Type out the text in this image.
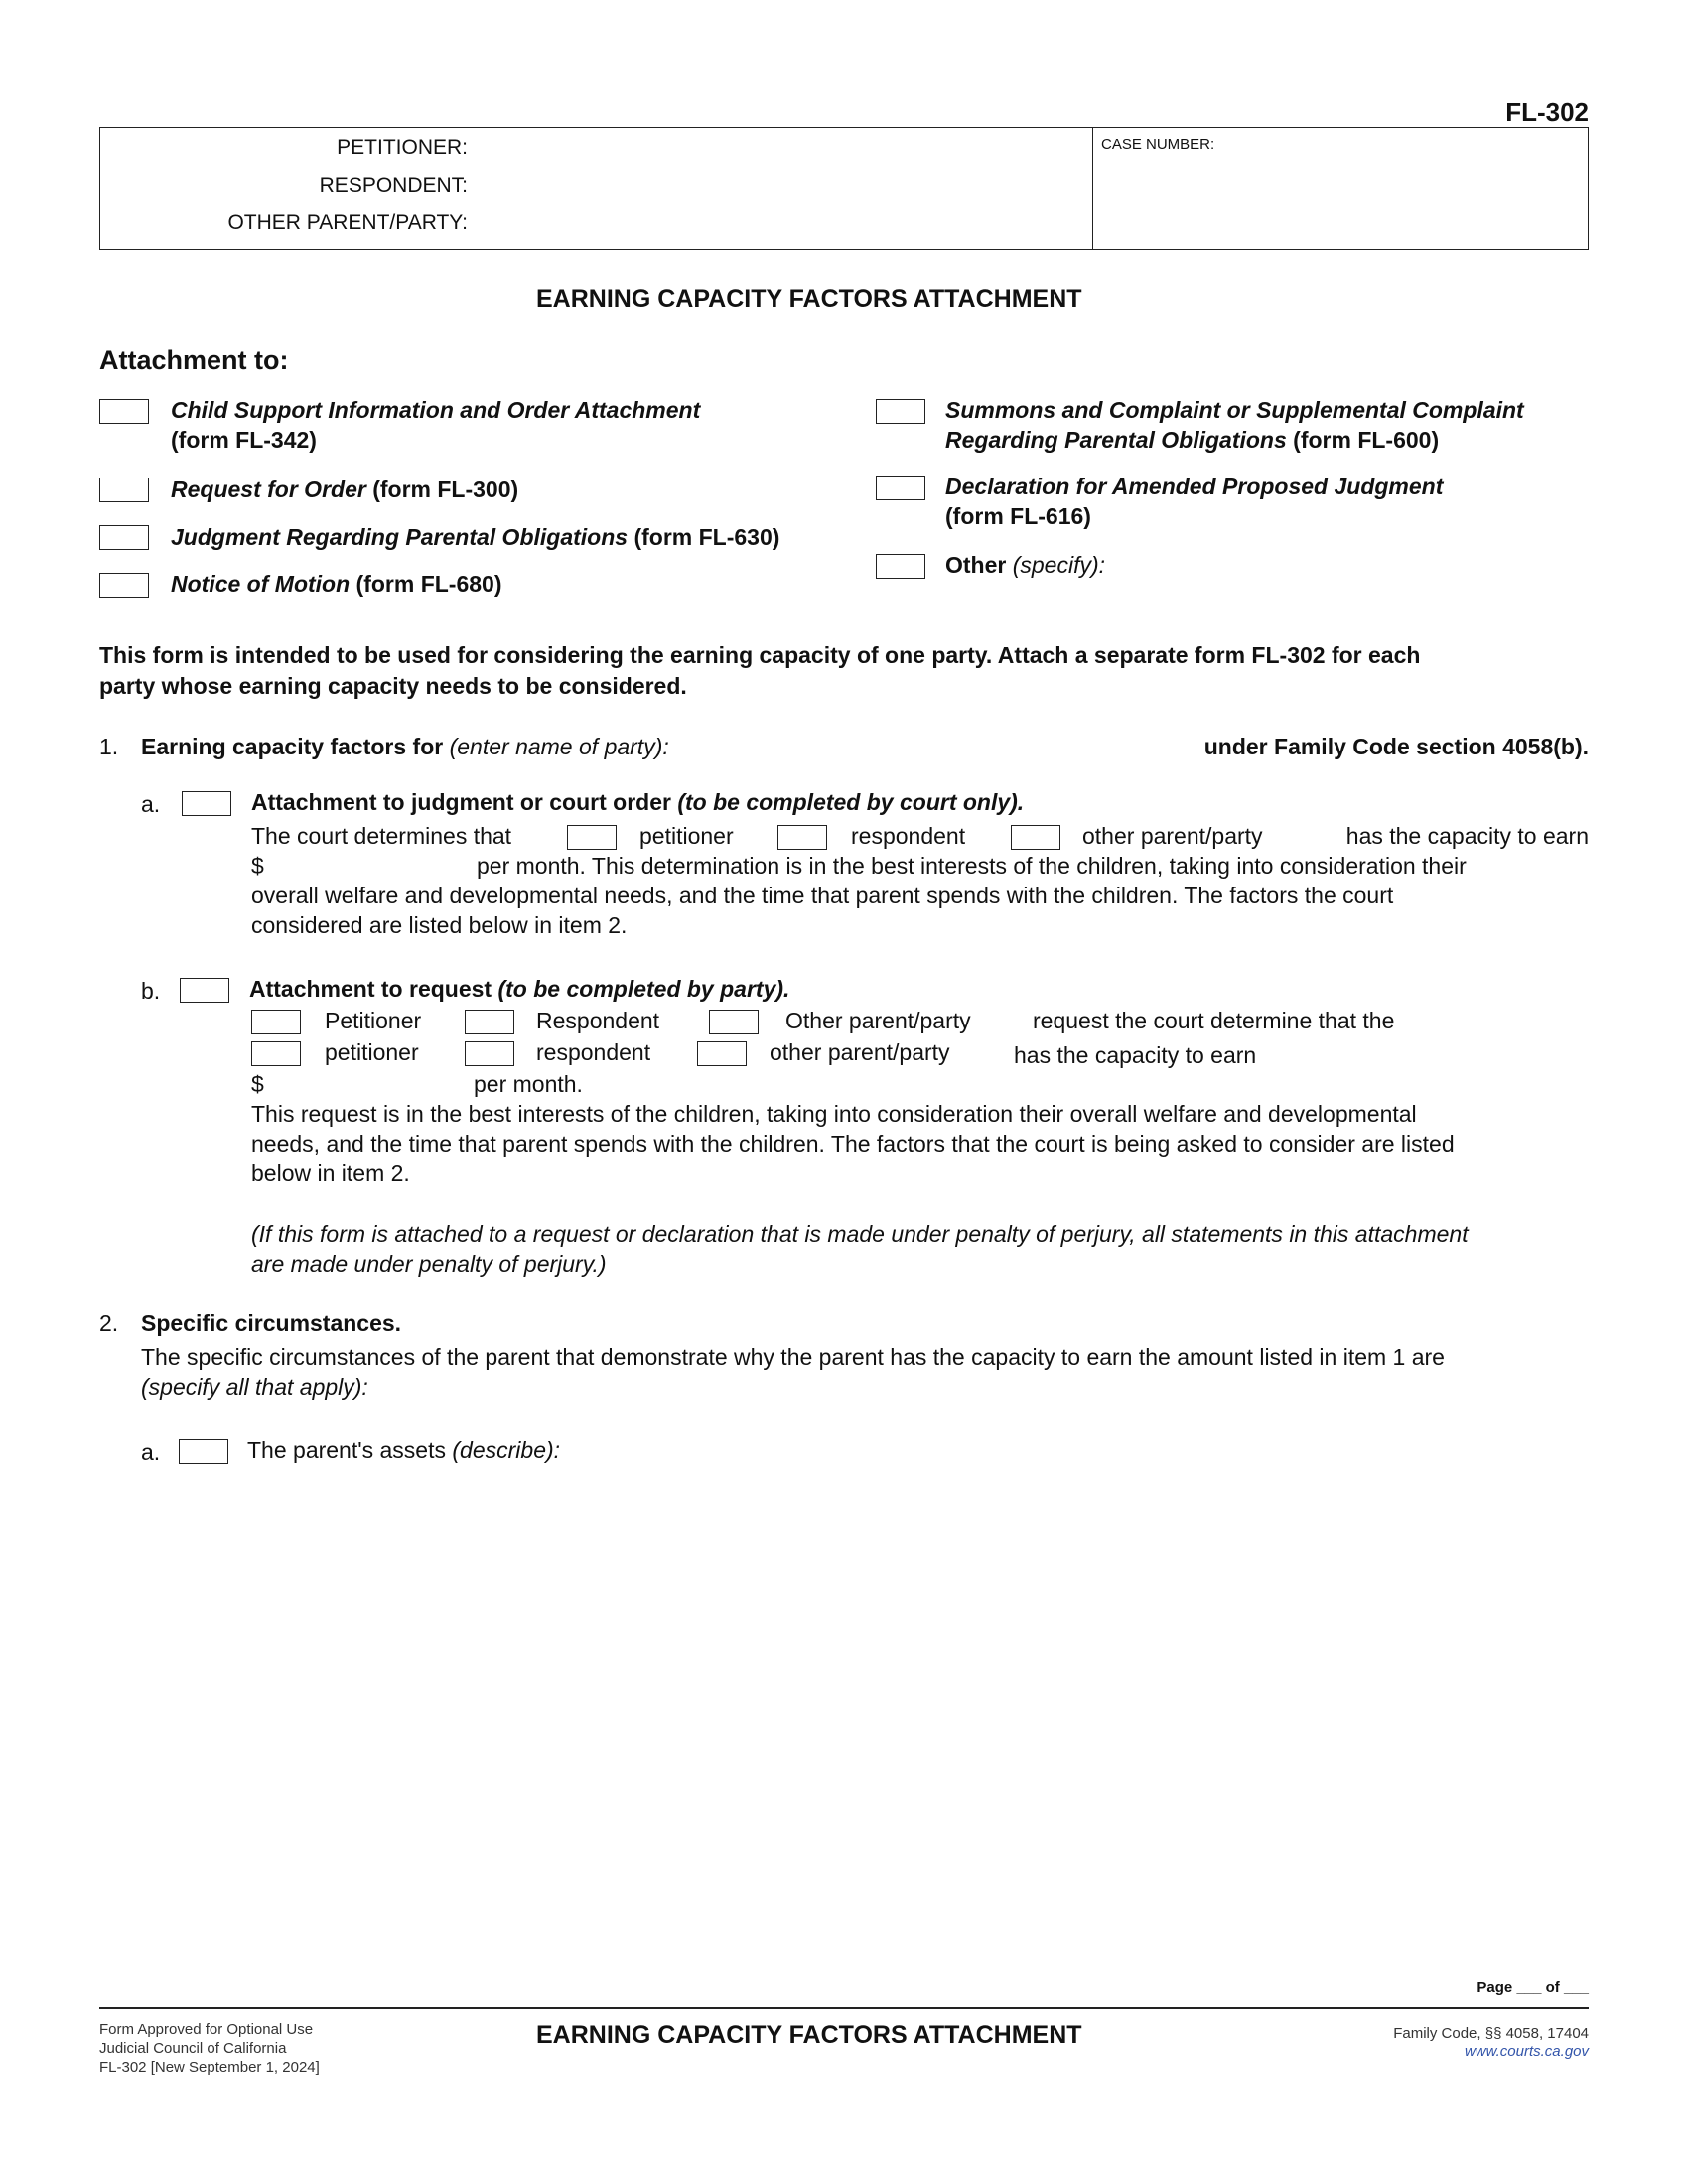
FL-302
PETITIONER:
RESPONDENT:
OTHER PARENT/PARTY:
CASE NUMBER:
EARNING CAPACITY FACTORS ATTACHMENT
Attachment to:
Child Support Information and Order Attachment
(form FL-342)
Request for Order (form FL-300)
Judgment Regarding Parental Obligations (form FL-630)
Notice of Motion (form FL-680)
Summons and Complaint or Supplemental Complaint
Regarding Parental Obligations (form FL-600)
Declaration for Amended Proposed Judgment
(form FL-616)
Other (specify):
This form is intended to be used for considering the earning capacity of one party. Attach a separate form FL-302 for each
party whose earning capacity needs to be considered.
1. Earning capacity factors for (enter name of party):	under Family Code section 4058(b).
a.	Attachment to judgment or court order (to be completed by court only).
The court determines that	petitioner	respondent	other parent/party	has the capacity to earn
$	per month. This determination is in the best interests of the children, taking into consideration their
overall welfare and developmental needs, and the time that parent spends with the children. The factors the court
considered are listed below in item 2.
b.	Attachment to request (to be completed by party).
Petitioner	Respondent	Other parent/party	request the court determine that the
petitioner	respondent	other parent/party	has the capacity to earn
$	per month.
This request is in the best interests of the children, taking into consideration their overall welfare and developmental
needs, and the time that parent spends with the children. The factors that the court is being asked to consider are listed
below in item 2.
(If this form is attached to a request or declaration that is made under penalty of perjury, all statements in this attachment
are made under penalty of perjury.)
2. Specific circumstances.
The specific circumstances of the parent that demonstrate why the parent has the capacity to earn the amount listed in item 1 are
(specify all that apply):
a.	The parent's assets (describe):
Page ___ of ___
Form Approved for Optional Use
Judicial Council of California
FL-302 [New September 1, 2024]
EARNING CAPACITY FACTORS ATTACHMENT	Family Code, §§ 4058, 17404
www.courts.ca.gov
